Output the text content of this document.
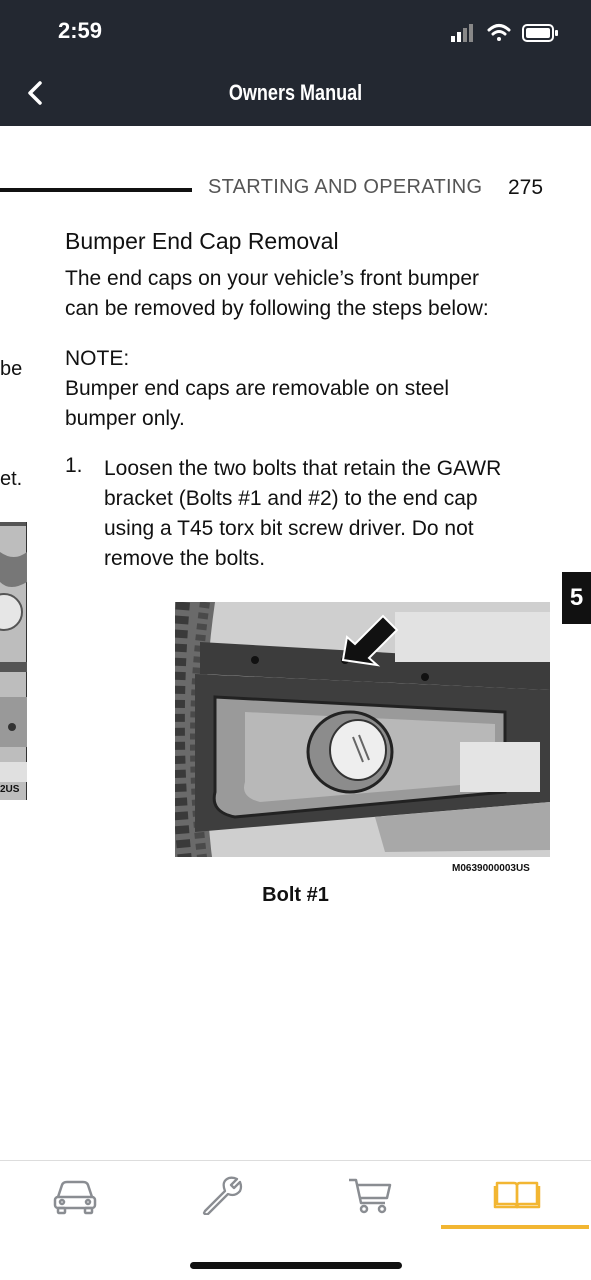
2:59
Owners Manual
STARTING AND OPERATING 275
be
et.
2US
Bumper End Cap Removal
The end caps on your vehicle’s front bumper
can be removed by following the steps below:
NOTE:
Bumper end caps are removable on steel
bumper only.
1. Loosen the two bolts that retain the GAWR
bracket (Bolts #1 and #2) to the end cap
using a T45 torx bit screw driver. Do not
remove the bolts.
5
M0639000003US
Bolt #1
